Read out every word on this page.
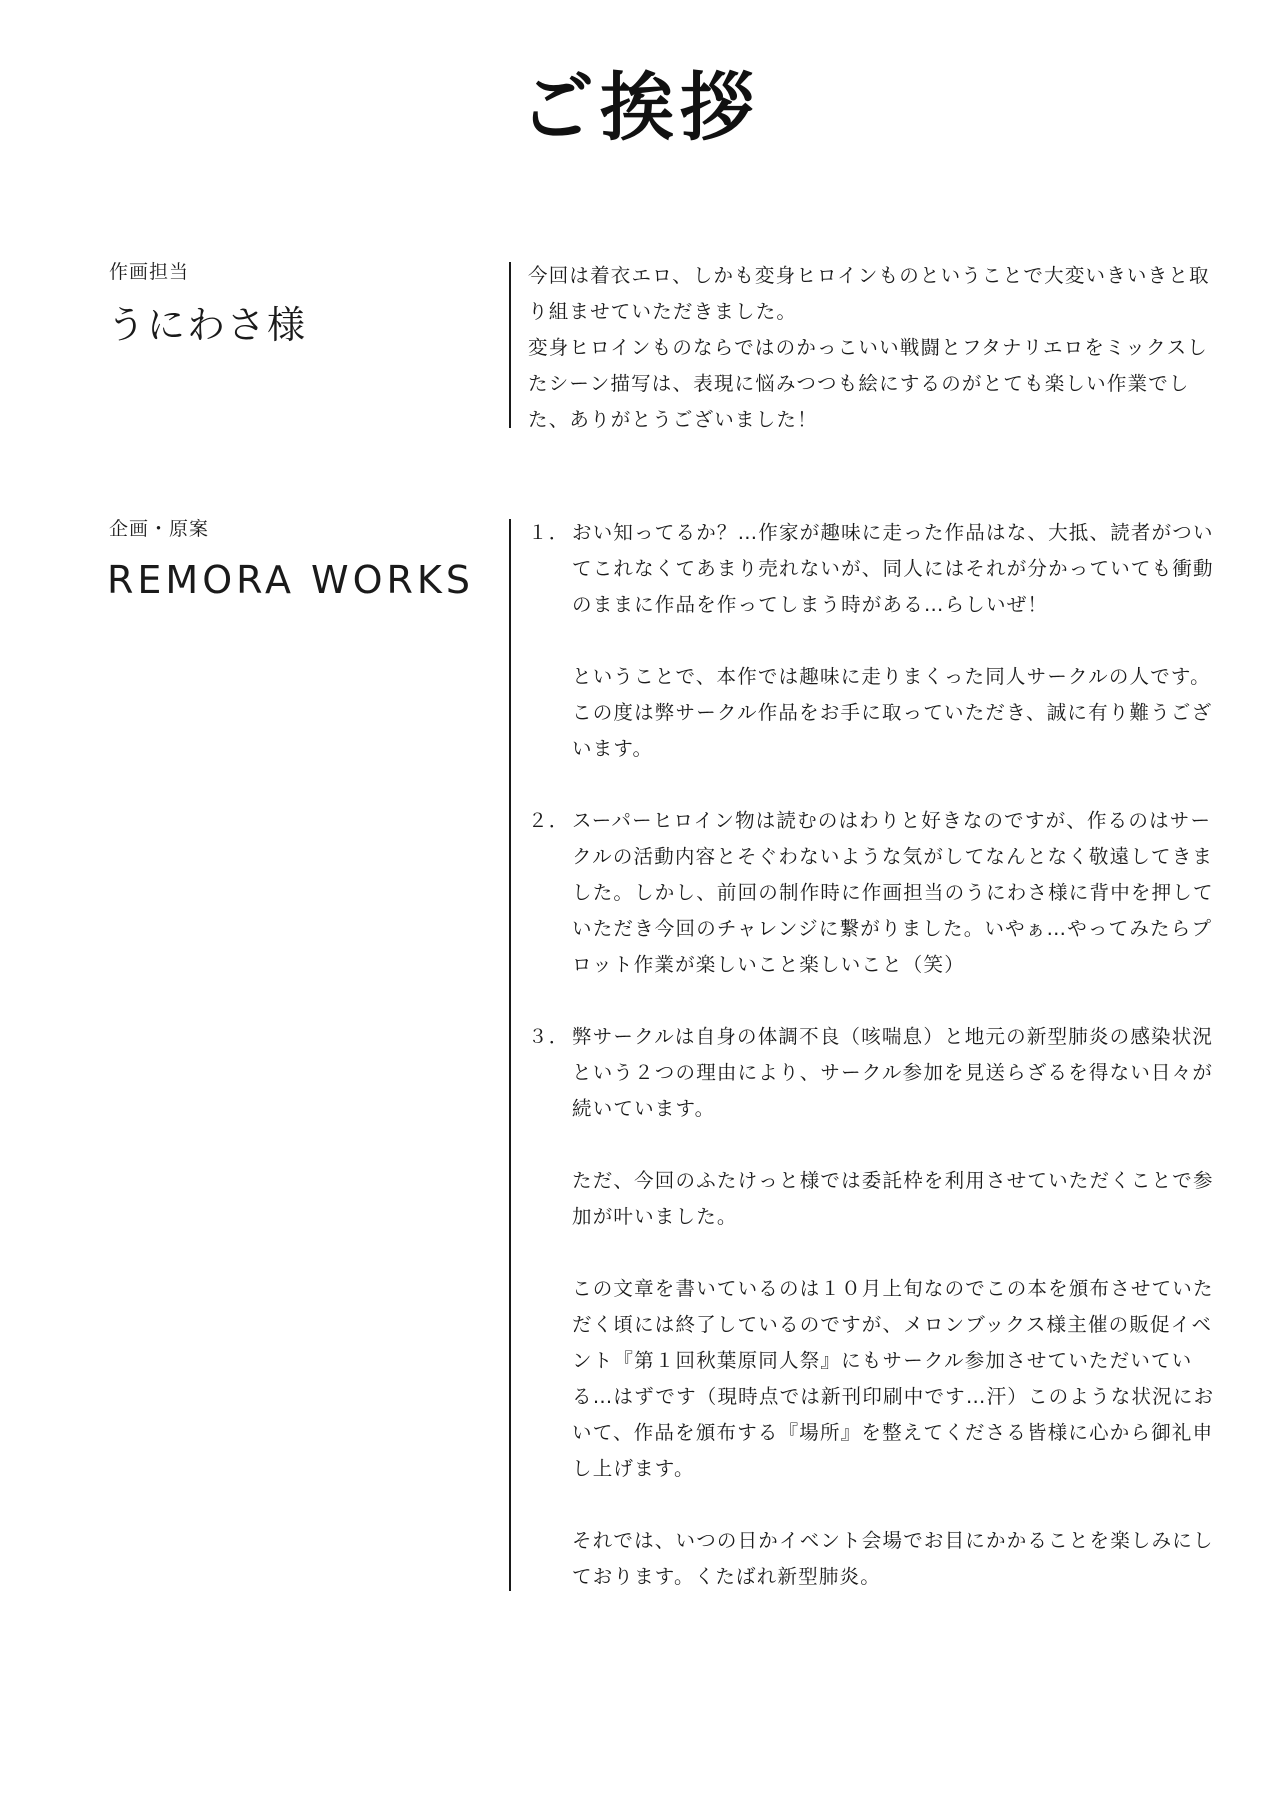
ご挨拶
作画担当
うにわさ様

今回は着衣エロ、しかも変身ヒロインものということで大変いきいきと取り組ませていただきました。

変身ヒロインものならではのかっこいい戦闘とフタナリエロをミックスしたシーン描写は、表現に悩みつつも絵にするのがとても楽しい作業でした、ありがとうございました！

企画・原案
REMORA WORKS
１． おい知ってるか？…作家が趣味に走った作品はな、大抵、読者がついてこれなくてあまり売れないが、同人にはそれが分かっていても衝動のままに作品を作ってしまう時がある…らしいぜ！

ということで、本作では趣味に走りまくった同人サークルの人です。この度は弊サークル作品をお手に取っていただき、誠に有り難うございます。

２． スーパーヒロイン物は読むのはわりと好きなのですが、作るのはサークルの活動内容とそぐわないような気がしてなんとなく敬遠してきました。しかし、前回の制作時に作画担当のうにわさ様に背中を押していただき今回のチャレンジに繋がりました。いやぁ…やってみたらプロット作業が楽しいこと楽しいこと（笑）

３． 弊サークルは自身の体調不良（咳喘息）と地元の新型肺炎の感染状況という２つの理由により、サークル参加を見送らざるを得ない日々が続いています。

ただ、今回のふたけっと様では委託枠を利用させていただくことで参加が叶いました。

この文章を書いているのは１０月上旬なのでこの本を頒布させていただく頃には終了しているのですが、メロンブックス様主催の販促イベント『第１回秋葉原同人祭』にもサークル参加させていただいている…はずです（現時点では新刊印刷中です…汗）このような状況において、作品を頒布する『場所』を整えてくださる皆様に心から御礼申し上げます。

それでは、いつの日かイベント会場でお目にかかることを楽しみにしております。くたばれ新型肺炎。
